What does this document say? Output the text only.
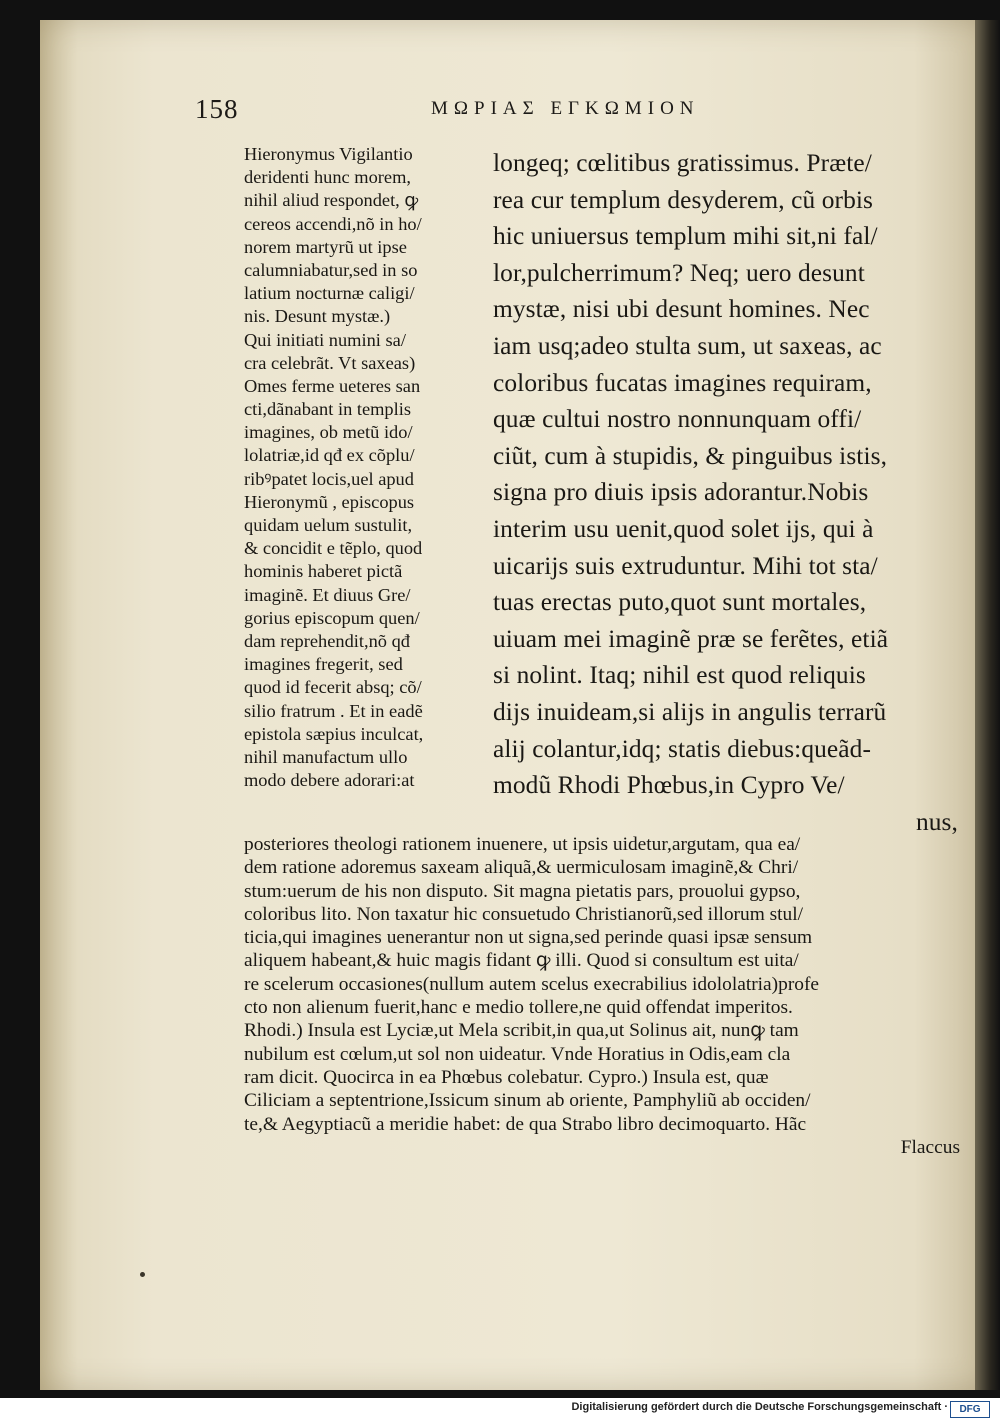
158	ΜΩΡΙΑΣ ΕΓΚΩΜΙΟΝ
Hieronymus Vigilantio
deridenti hunc morem,
nihil aliud respondet, ꝙ
cereos accendi,nõ in ho/
norem martyrũ ut ipse
calumniabatur,sed in so
latium nocturnæ caligi/
nis. Desunt mystæ.)
Qui initiati numini sa/
cra celebrãt. Vt saxeas)
Omes ferme ueteres san
cti,dãnabant in templis
imagines, ob metũ ido/
lolatriæ,id qđ ex cõplu/
ribꝰpatet locis,uel apud
Hieronymũ , episcopus
quidam uelum sustulit,
& concidit e tẽplo, quod
hominis haberet pictã
imaginẽ. Et diuus Gre/
gorius episcopum quen/
dam reprehendit,nõ qđ
imagines fregerit, sed
quod id fecerit absq; cõ/
silio fratrum . Et in eadẽ
epistola sæpius inculcat,
nihil manufactum ullo
modo debere adorari:at
longeq; cœlitibus gratissimus. Præte/
rea cur templum desyderem, cũ orbis
hic uniuersus templum mihi sit,ni fal/
lor,pulcherrimum? Neq; uero desunt
mystæ, nisi ubi desunt homines. Nec
iam usq;adeo stulta sum, ut saxeas, ac
coloribus fucatas imagines requiram,
quæ cultui nostro nonnunquam offi/
ciũt, cum à stupidis, & pinguibus istis,
signa pro diuis ipsis adorantur.Nobis
interim usu uenit,quod solet ijs, qui à
uicarijs suis extruduntur. Mihi tot sta/
tuas erectas puto,quot sunt mortales,
uiuam mei imaginẽ præ se ferẽtes, etiã
si nolint. Itaq; nihil est quod reliquis
dijs inuideam,si alijs in angulis terrarũ
alij colantur,idq; statis diebus:queãd-
modũ Rhodi Phœbus,in Cypro Ve/
nus,
posteriores theologi rationem inuenere, ut ipsis uidetur,argutam, qua ea/
dem ratione adoremus saxeam aliquã,& uermiculosam imaginẽ,& Chri/
stum:uerum de his non disputo. Sit magna pietatis pars, prouolui gypso,
coloribus lito. Non taxatur hic consuetudo Christianorũ,sed illorum stul/
ticia,qui imagines uenerantur non ut signa,sed perinde quasi ipsæ sensum
aliquem habeant,& huic magis fidant ꝙ illi. Quod si consultum est uita/
re scelerum occasiones(nullum autem scelus execrabilius idololatria)profe
cto non alienum fuerit,hanc e medio tollere,ne quid offendat imperitos.
Rhodi.) Insula est Lyciæ,ut Mela scribit,in qua,ut Solinus ait, nunꝙ tam
nubilum est cœlum,ut sol non uideatur. Vnde Horatius in Odis,eam cla
ram dicit. Quocirca in ea Phœbus colebatur. Cypro.) Insula est, quæ
Ciliciam a septentrione,Issicum sinum ab oriente, Pamphyliũ ab occiden/
te,& Aegyptiacũ a meridie habet: de qua Strabo libro decimoquarto. Hãc
Flaccus
Digitalisierung gefördert durch die Deutsche Forschungsgemeinschaft ·	DFG
